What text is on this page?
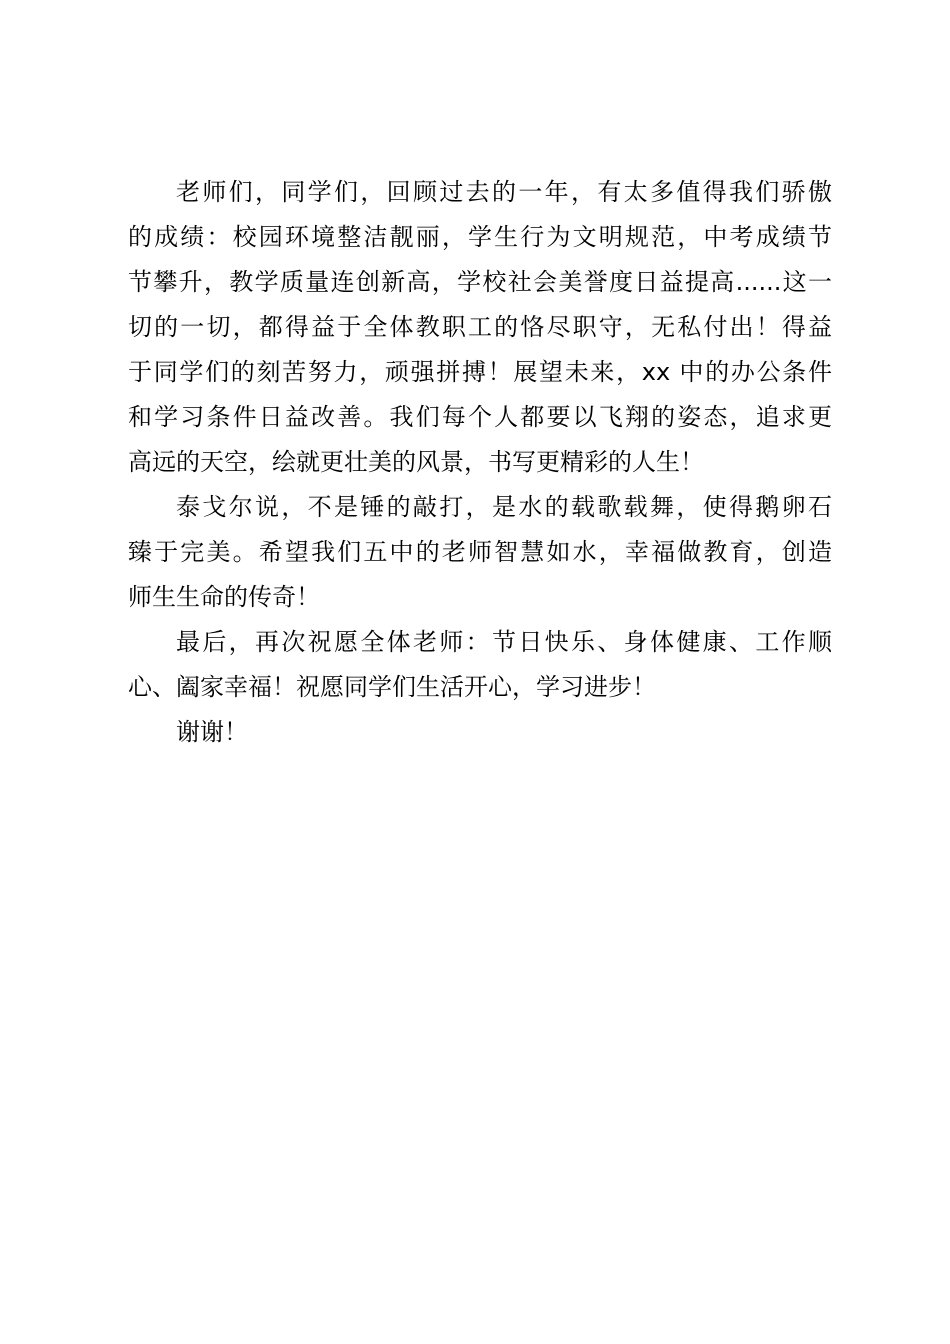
老师们，同学们，回顾过去的一年，有太多值得我们骄傲
的成绩：校园环境整洁靓丽，学生行为文明规范，中考成绩节
节攀升，教学质量连创新高，学校社会美誉度日益提高......这一
切的一切，都得益于全体教职工的恪尽职守，无私付出！得益
于同学们的刻苦努力，顽强拼搏！展望未来，xx 中的办公条件
和学习条件日益改善。我们每个人都要以飞翔的姿态，追求更
高远的天空，绘就更壮美的风景，书写更精彩的人生！
泰戈尔说，不是锤的敲打，是水的载歌载舞，使得鹅卵石
臻于完美。希望我们五中的老师智慧如水，幸福做教育，创造
师生生命的传奇！
最后，再次祝愿全体老师：节日快乐、身体健康、工作顺
心、阖家幸福！祝愿同学们生活开心，学习进步！
谢谢！
